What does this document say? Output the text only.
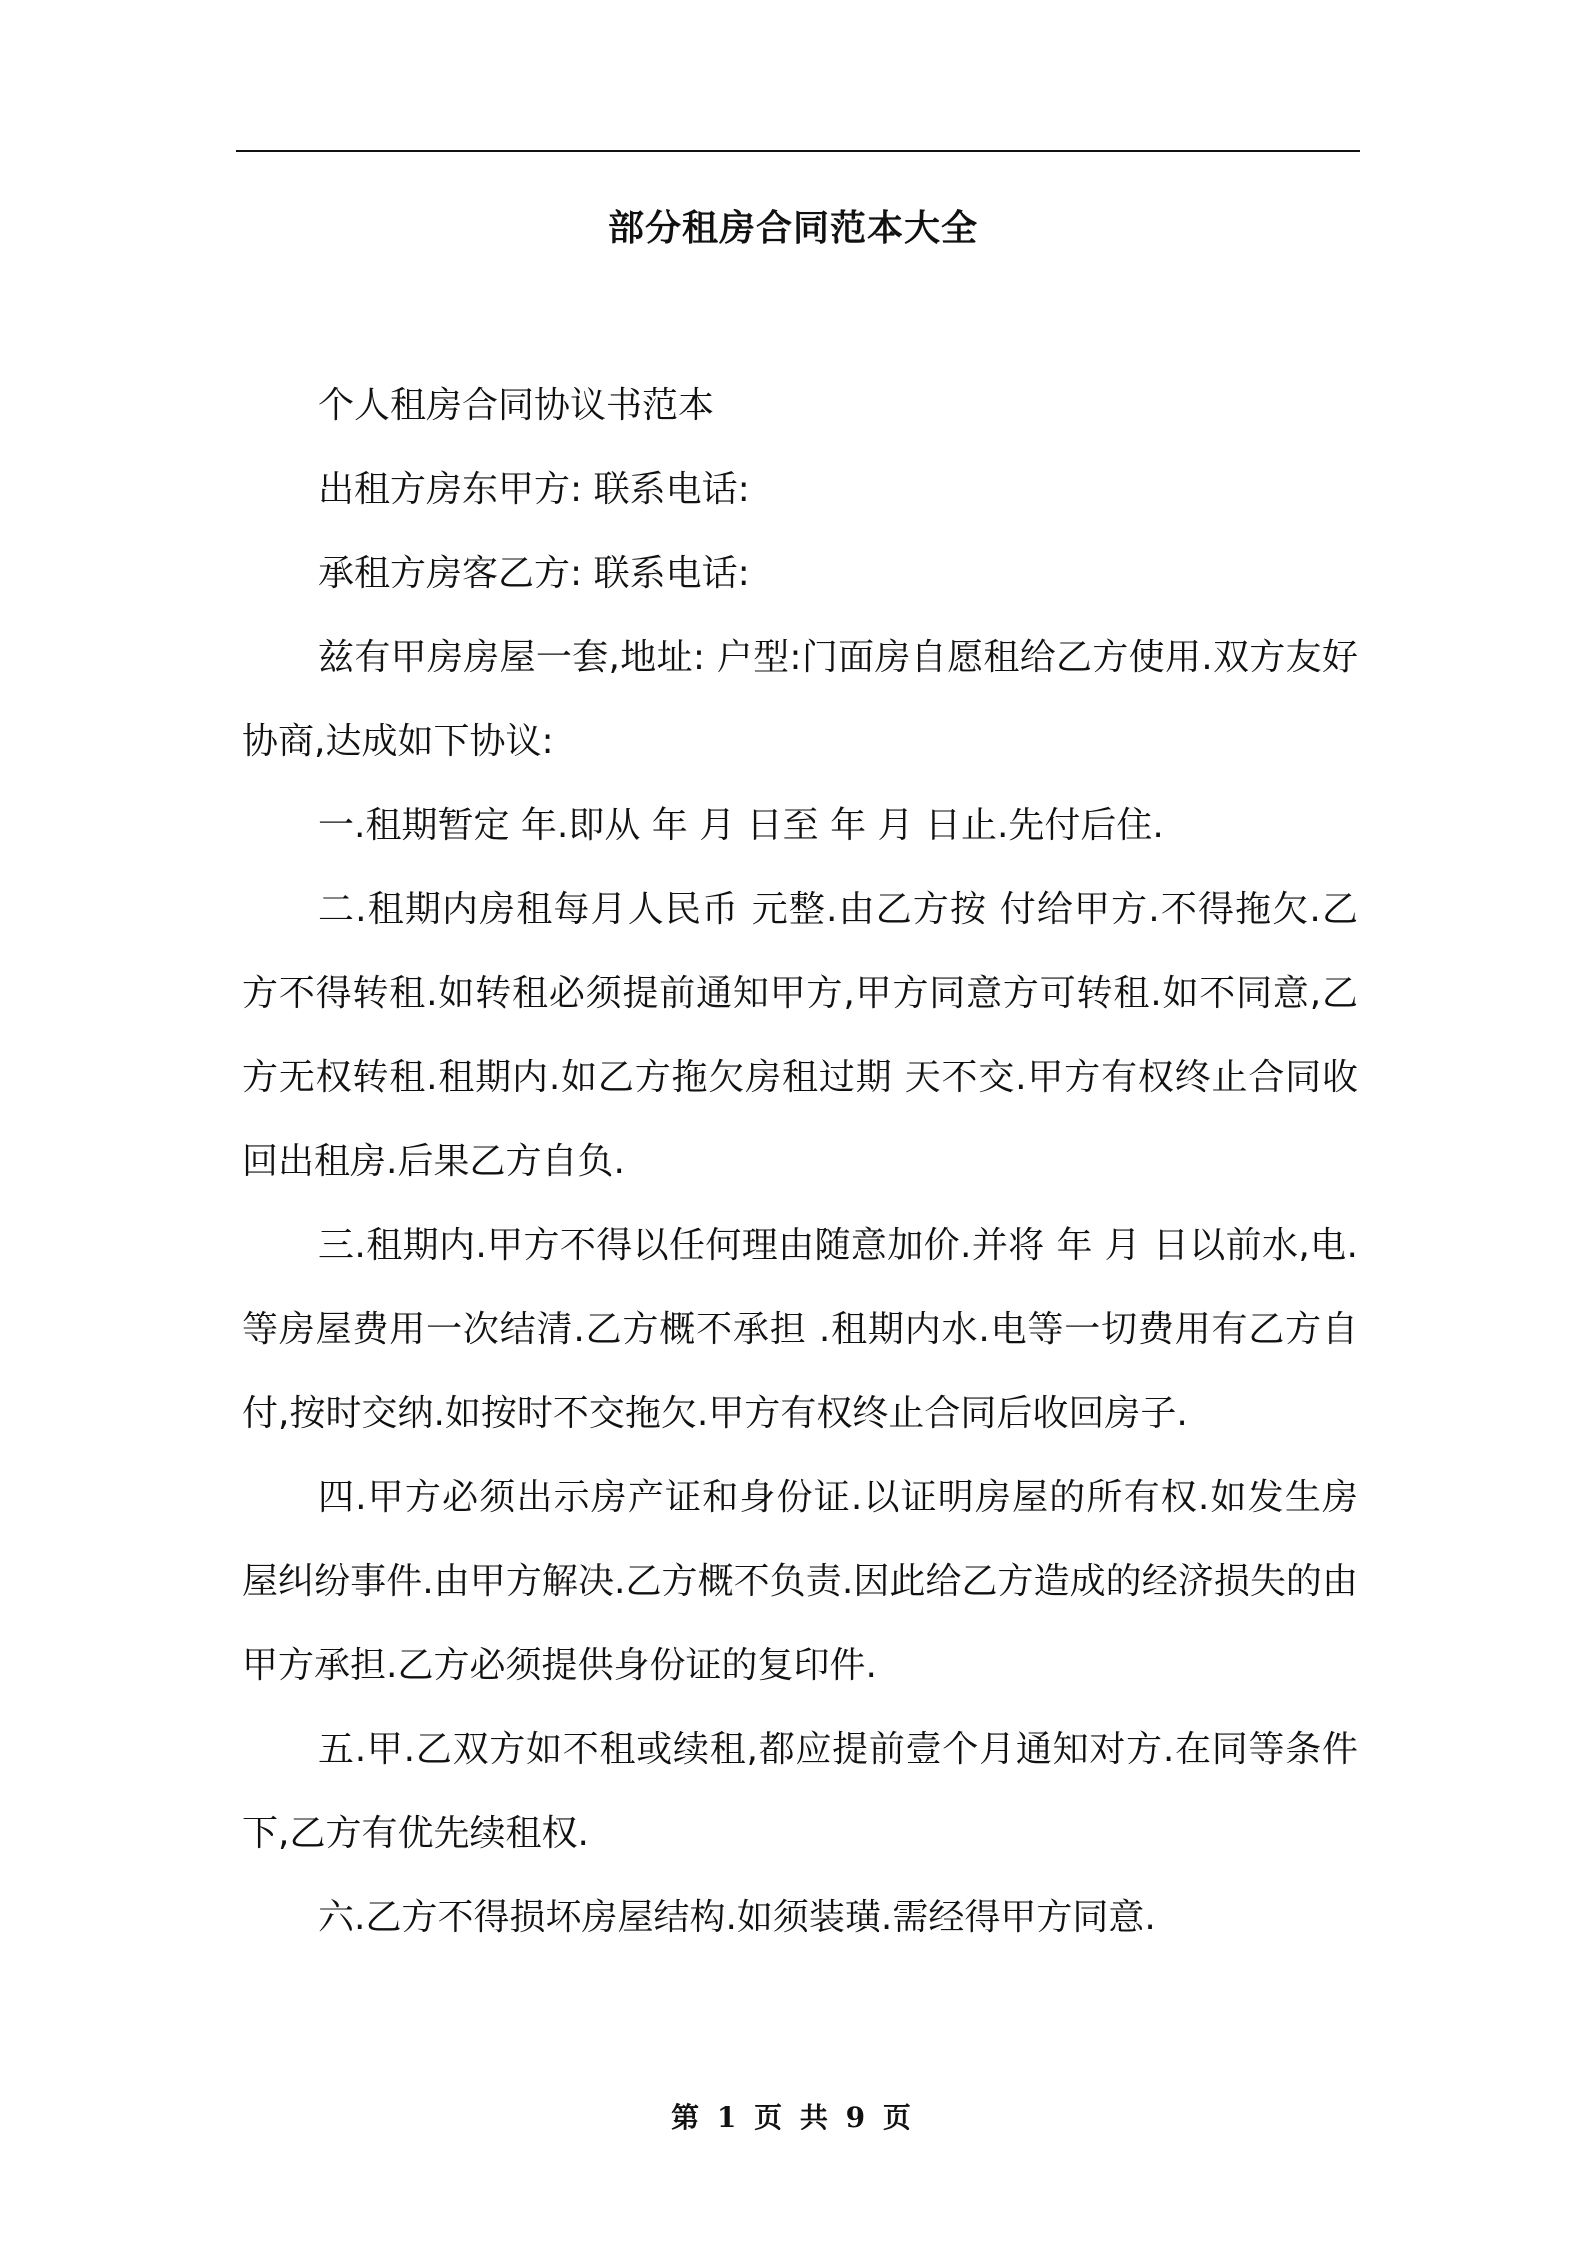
部分租房合同范本大全

个人租房合同协议书范本

出租方房东甲方: 联系电话:

承租方房客乙方: 联系电话:

兹有甲房房屋一套,地址: 户型:门面房自愿租给乙方使用.双方友好协商,达成如下协议:

一.租期暂定 年.即从 年 月 日至 年 月 日止.先付后住.

二.租期内房租每月人民币 元整.由乙方按 付给甲方.不得拖欠.乙方不得转租.如转租必须提前通知甲方,甲方同意方可转租.如不同意,乙方无权转租.租期内.如乙方拖欠房租过期 天不交.甲方有权终止合同收回出租房.后果乙方自负.

三.租期内.甲方不得以任何理由随意加价.并将 年 月 日以前水,电.等房屋费用一次结清.乙方概不承担 .租期内水.电等一切费用有乙方自付,按时交纳.如按时不交拖欠.甲方有权终止合同后收回房子.

四.甲方必须出示房产证和身份证.以证明房屋的所有权.如发生房屋纠纷事件.由甲方解决.乙方概不负责.因此给乙方造成的经济损失的由甲方承担.乙方必须提供身份证的复印件.

五.甲.乙双方如不租或续租,都应提前壹个月通知对方.在同等条件下,乙方有优先续租权.

六.乙方不得损坏房屋结构.如须装璜.需经得甲方同意.

第 1 页 共 9 页
